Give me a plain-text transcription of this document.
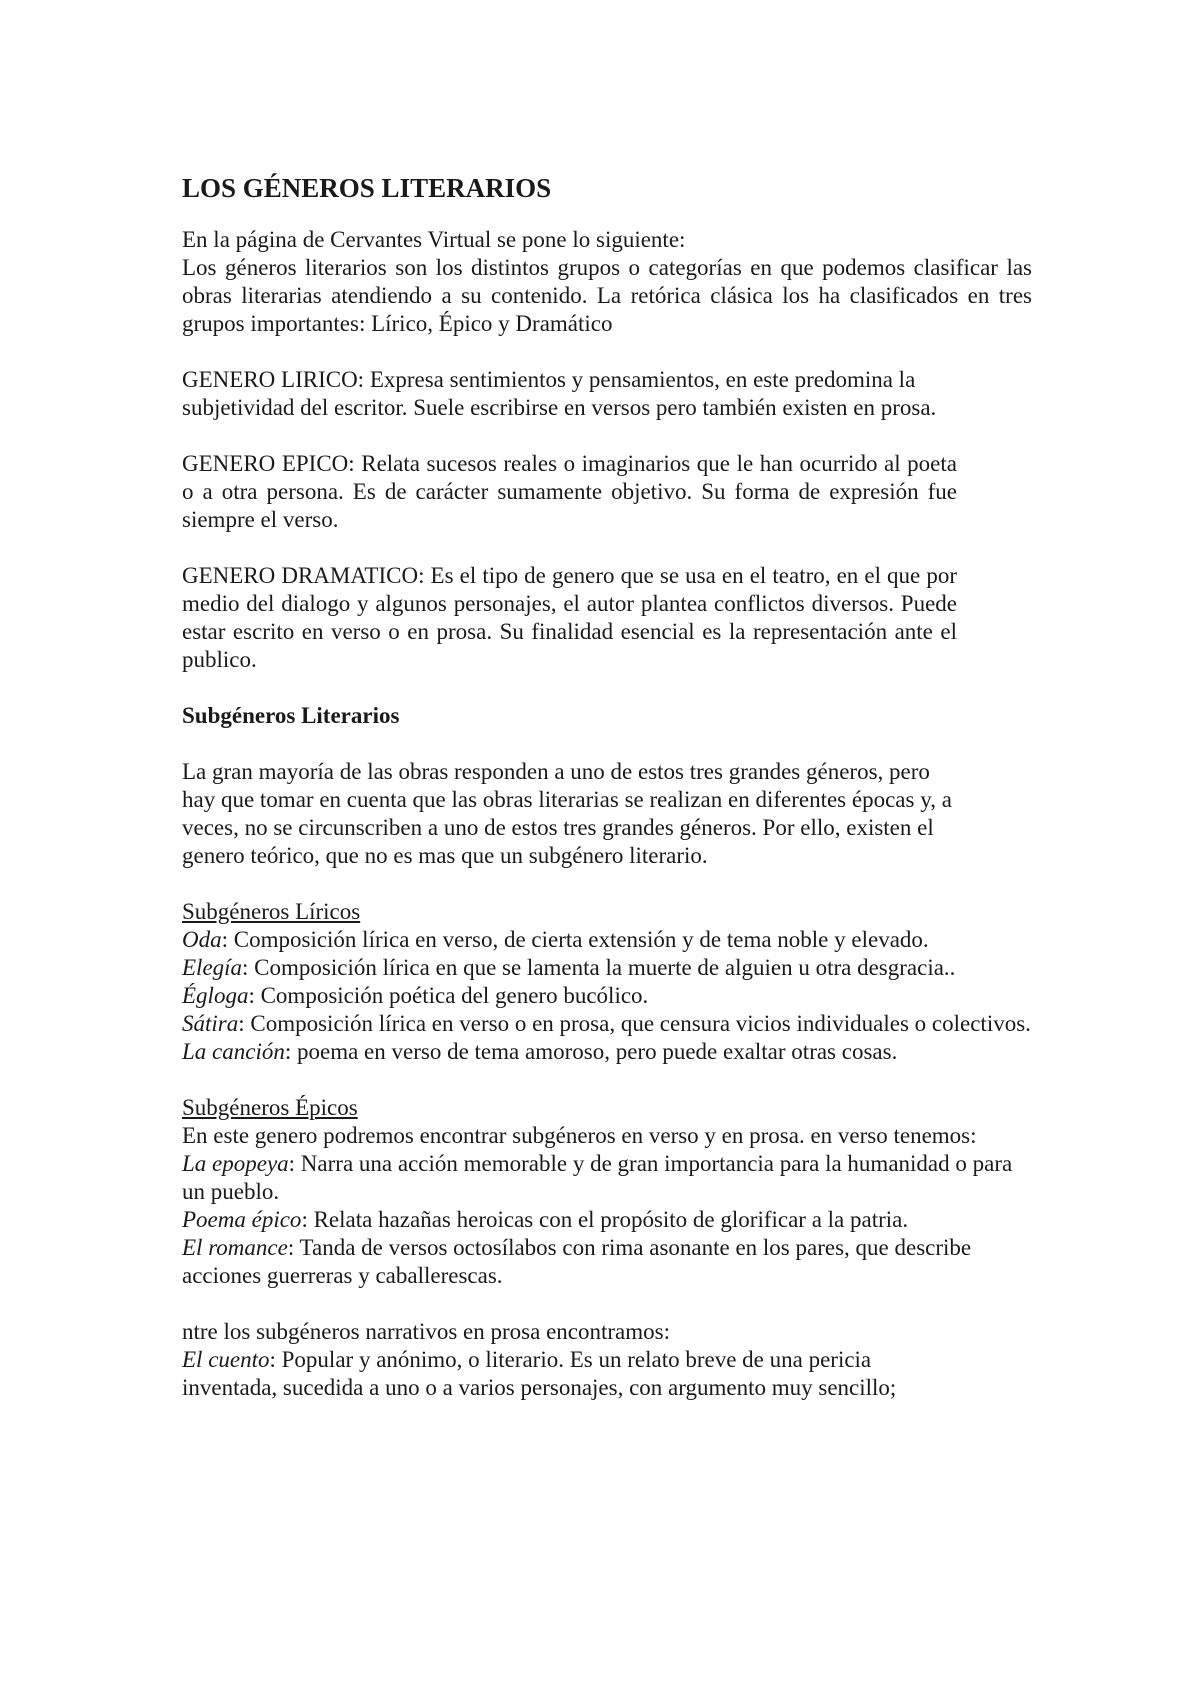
LOS GÉNEROS LITERARIOS

En la página de Cervantes Virtual se pone lo siguiente:

Los géneros literarios son los distintos grupos o categorías en que podemos clasificar las obras literarias atendiendo a su contenido. La retórica clásica los ha clasificados en tres grupos importantes: Lírico, Épico y Dramático

GENERO LIRICO: Expresa sentimientos y pensamientos, en este predomina la subjetividad del escritor. Suele escribirse en versos pero también existen en prosa.

GENERO EPICO: Relata sucesos reales o imaginarios que le han ocurrido al poeta o a otra persona. Es de carácter sumamente objetivo. Su forma de expresión fue siempre el verso.

GENERO DRAMATICO: Es el tipo de genero que se usa en el teatro, en el que por medio del dialogo y algunos personajes, el autor plantea conflictos diversos. Puede estar escrito en verso o en prosa. Su finalidad esencial es la representación ante el publico.

Subgéneros Literarios

La gran mayoría de las obras responden a uno de estos tres grandes géneros, pero hay que tomar en cuenta que las obras literarias se realizan en diferentes épocas y, a veces, no se circunscriben a uno de estos tres grandes géneros. Por ello, existen el genero teórico, que no es mas que un subgénero literario.

Subgéneros Líricos

Oda: Composición lírica en verso, de cierta extensión y de tema noble y elevado.

Elegía: Composición lírica en que se lamenta la muerte de alguien u otra desgracia..

Égloga: Composición poética del genero bucólico.

Sátira: Composición lírica en verso o en prosa, que censura vicios individuales o colectivos.

La canción: poema en verso de tema amoroso, pero puede exaltar otras cosas.

Subgéneros Épicos

En este genero podremos encontrar subgéneros en verso y en prosa. en verso tenemos:

La epopeya: Narra una acción memorable y de gran importancia para la humanidad o para un pueblo.

Poema épico: Relata hazañas heroicas con el propósito de glorificar a la patria.

El romance: Tanda de versos octosílabos con rima asonante en los pares, que describe acciones guerreras y caballerescas.

ntre los subgéneros narrativos en prosa encontramos:

El cuento: Popular y anónimo, o literario. Es un relato breve de una pericia inventada, sucedida a uno o a varios personajes, con argumento muy sencillo;
